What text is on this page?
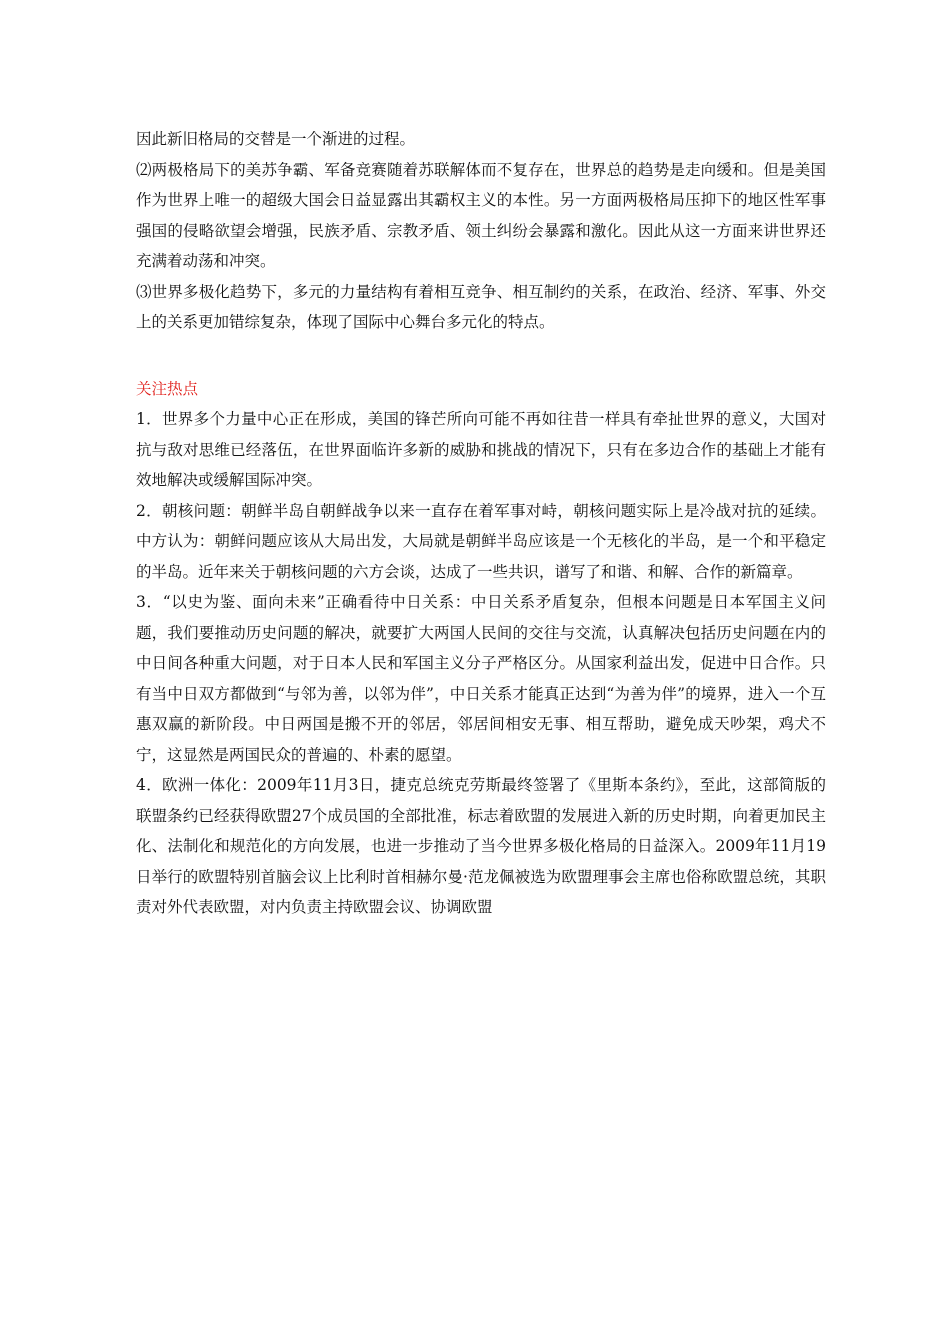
因此新旧格局的交替是一个渐进的过程。

⑵两极格局下的美苏争霸、军备竞赛随着苏联解体而不复存在，世界总的趋势是走向缓和。但是美国作为世界上唯一的超级大国会日益显露出其霸权主义的本性。另一方面两极格局压抑下的地区性军事强国的侵略欲望会增强，民族矛盾、宗教矛盾、领土纠纷会暴露和激化。因此从这一方面来讲世界还充满着动荡和冲突。

⑶世界多极化趋势下，多元的力量结构有着相互竞争、相互制约的关系，在政治、经济、军事、外交上的关系更加错综复杂，体现了国际中心舞台多元化的特点。

关注热点

1．世界多个力量中心正在形成，美国的锋芒所向可能不再如往昔一样具有牵扯世界的意义，大国对抗与敌对思维已经落伍，在世界面临许多新的威胁和挑战的情况下，只有在多边合作的基础上才能有效地解决或缓解国际冲突。

2．朝核问题：朝鲜半岛自朝鲜战争以来一直存在着军事对峙，朝核问题实际上是冷战对抗的延续。中方认为：朝鲜问题应该从大局出发，大局就是朝鲜半岛应该是一个无核化的半岛，是一个和平稳定的半岛。近年来关于朝核问题的六方会谈，达成了一些共识，谱写了和谐、和解、合作的新篇章。

3．“以史为鉴、面向未来”正确看待中日关系：中日关系矛盾复杂，但根本问题是日本军国主义问题，我们要推动历史问题的解决，就要扩大两国人民间的交往与交流，认真解决包括历史问题在内的中日间各种重大问题，对于日本人民和军国主义分子严格区分。从国家利益出发，促进中日合作。只有当中日双方都做到“与邻为善，以邻为伴”，中日关系才能真正达到“为善为伴”的境界，进入一个互惠双赢的新阶段。中日两国是搬不开的邻居，邻居间相安无事、相互帮助，避免成天吵架，鸡犬不宁，这显然是两国民众的普遍的、朴素的愿望。

4．欧洲一体化：2009年11月3日，捷克总统克劳斯最终签署了《里斯本条约》，至此，这部简版的联盟条约已经获得欧盟27个成员国的全部批准，标志着欧盟的发展进入新的历史时期，向着更加民主化、法制化和规范化的方向发展，也进一步推动了当今世界多极化格局的日益深入。2009年11月19日举行的欧盟特别首脑会议上比利时首相赫尔曼·范龙佩被选为欧盟理事会主席也俗称欧盟总统，其职责对外代表欧盟，对内负责主持欧盟会议、协调欧盟
